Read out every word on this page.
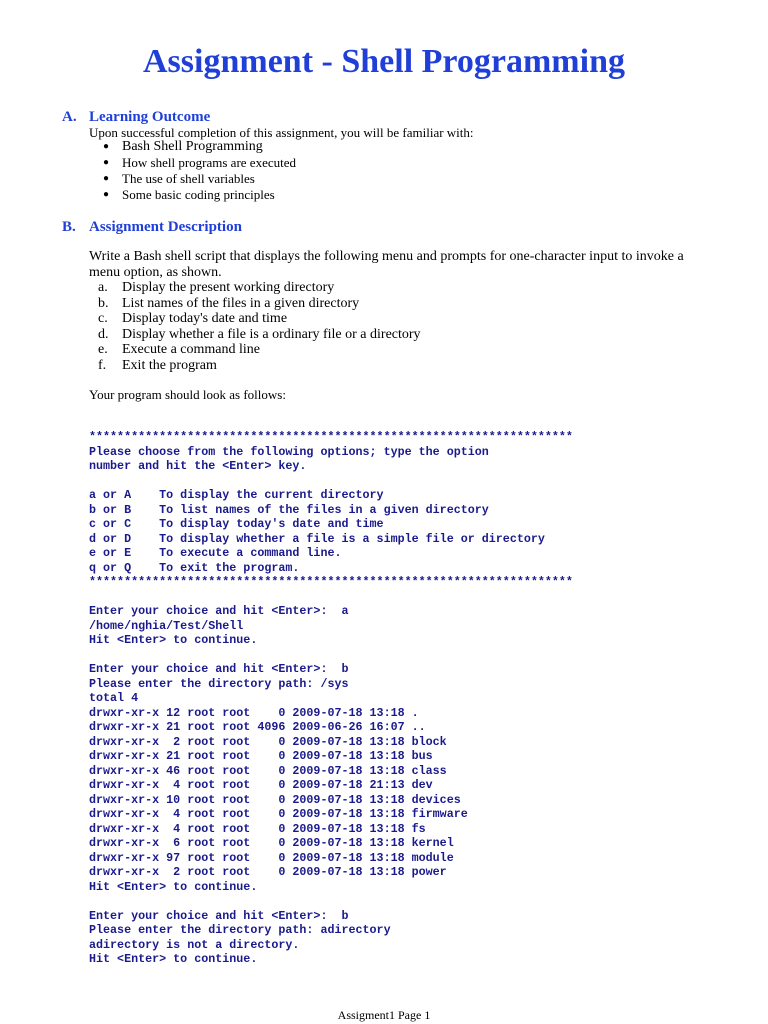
Assignment - Shell Programming
A. Learning Outcome

Upon successful completion of this assignment, you will be familiar with:

● Bash Shell Programming
● How shell programs are executed
● The use of shell variables
● Some basic coding principles
B. Assignment Description

Write a Bash shell script that displays the following menu and prompts for one-character input to invoke a menu option, as shown.

a. Display the present working directory
b. List names of the files in a given directory
c. Display today's date and time
d. Display whether a file is a ordinary file or a directory
e. Execute a command line
f. Exit the program

Your program should look as follows:

*********************************************************************
Please choose from the following options; type the option
number and hit the <Enter> key.

a or A    To display the current directory
b or B    To list names of the files in a given directory
c or C    To display today's date and time
d or D    To display whether a file is a simple file or directory
e or E    To execute a command line.
q or Q    To exit the program.
*********************************************************************

Enter your choice and hit <Enter>:  a
/home/nghia/Test/Shell
Hit <Enter> to continue.

Enter your choice and hit <Enter>:  b
Please enter the directory path: /sys
total 4
drwxr-xr-x 12 root root    0 2009-07-18 13:18 .
drwxr-xr-x 21 root root 4096 2009-06-26 16:07 ..
drwxr-xr-x  2 root root    0 2009-07-18 13:18 block
drwxr-xr-x 21 root root    0 2009-07-18 13:18 bus
drwxr-xr-x 46 root root    0 2009-07-18 13:18 class
drwxr-xr-x  4 root root    0 2009-07-18 21:13 dev
drwxr-xr-x 10 root root    0 2009-07-18 13:18 devices
drwxr-xr-x  4 root root    0 2009-07-18 13:18 firmware
drwxr-xr-x  4 root root    0 2009-07-18 13:18 fs
drwxr-xr-x  6 root root    0 2009-07-18 13:18 kernel
drwxr-xr-x 97 root root    0 2009-07-18 13:18 module
drwxr-xr-x  2 root root    0 2009-07-18 13:18 power
Hit <Enter> to continue.

Enter your choice and hit <Enter>:  b
Please enter the directory path: adirectory
adirectory is not a directory.
Hit <Enter> to continue.
Assigment1 Page 1
